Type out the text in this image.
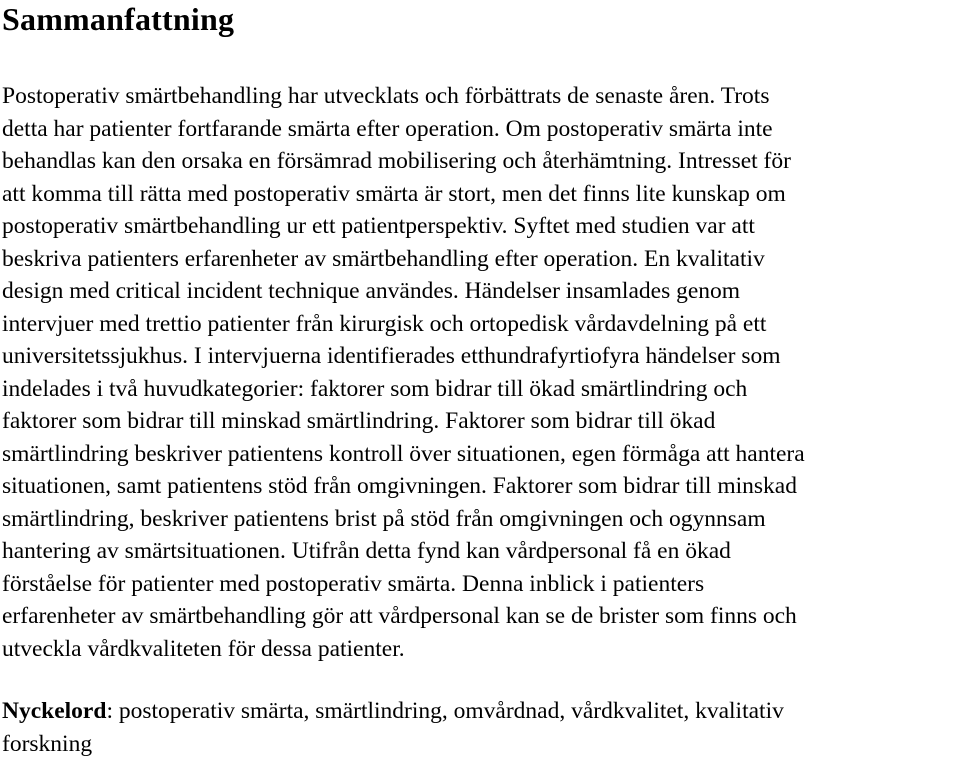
Sammanfattning
Postoperativ smärtbehandling har utvecklats och förbättrats de senaste åren. Trots
detta har patienter fortfarande smärta efter operation. Om postoperativ smärta inte
behandlas kan den orsaka en försämrad mobilisering och återhämtning. Intresset för
att komma till rätta med postoperativ smärta är stort, men det finns lite kunskap om
postoperativ smärtbehandling ur ett patientperspektiv. Syftet med studien var att
beskriva patienters erfarenheter av smärtbehandling efter operation. En kvalitativ
design med critical incident technique användes. Händelser insamlades genom
intervjuer med trettio patienter från kirurgisk och ortopedisk vårdavdelning på ett
universitetssjukhus. I intervjuerna identifierades etthundrafyrtiofyra händelser som
indelades i två huvudkategorier: faktorer som bidrar till ökad smärtlindring och
faktorer som bidrar till minskad smärtlindring. Faktorer som bidrar till ökad
smärtlindring beskriver patientens kontroll över situationen, egen förmåga att hantera
situationen, samt patientens stöd från omgivningen. Faktorer som bidrar till minskad
smärtlindring, beskriver patientens brist på stöd från omgivningen och ogynnsam
hantering av smärtsituationen. Utifrån detta fynd kan vårdpersonal få en ökad
förståelse för patienter med postoperativ smärta. Denna inblick i patienters
erfarenheter av smärtbehandling gör att vårdpersonal kan se de brister som finns och
utveckla vårdkvaliteten för dessa patienter.
Nyckelord: postoperativ smärta, smärtlindring, omvårdnad, vårdkvalitet, kvalitativ
forskning
